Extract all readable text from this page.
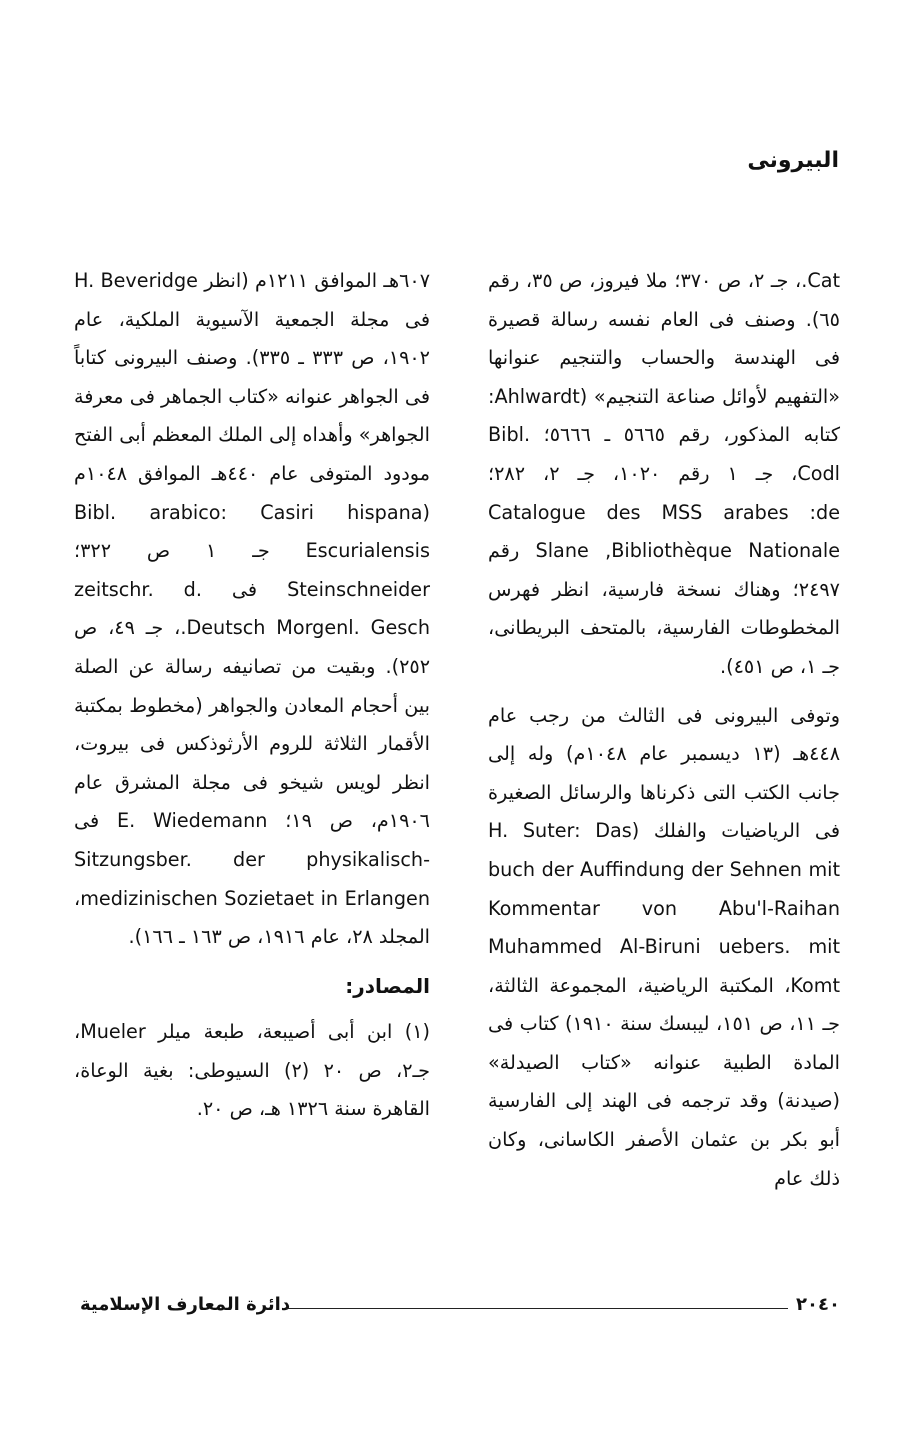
البيرونى

Cat.، جـ ٢، ص ٣٧٠؛ ملا فيروز، ص ٣٥، رقم ٦٥). وصنف فى العام نفسه رسالة قصيرة فى الهندسة والحساب والتنجيم عنوانها «التفهيم لأوائل صناعة التنجيم» (Ahlwardt: كتابه المذكور، رقم ٥٦٦٥ ـ ٥٦٦٦؛ Bibl. Codl، جـ ١ رقم ١٠٢٠، جـ ٢، ٢٨٢؛ Catalogue des MSS arabes :de Slane ,Bibliothèque Nationale رقم ٢٤٩٧؛ وهناك نسخة فارسية، انظر فهرس المخطوطات الفارسية، بالمتحف البريطانى، جـ ١، ص ٤٥١).

وتوفى البيرونى فى الثالث من رجب عام ٤٤٨هـ (١٣ ديسمبر عام ١٠٤٨م) وله إلى جانب الكتب التى ذكرناها والرسائل الصغيرة فى الرياضيات والفلك (H. Suter: Das buch der Auffindung der Sehnen mit Kommentar von Abu'l-Raihan Muhammed Al-Biruni uebers. mit Komt، المكتبة الرياضية، المجموعة الثالثة، جـ ١١، ص ١٥١، ليبسك سنة ١٩١٠) كتاب فى المادة الطبية عنوانه «كتاب الصيدلة» (صيدنة) وقد ترجمه فى الهند إلى الفارسية أبو بكر بن عثمان الأصفر الكاسانى، وكان ذلك عام

٦٠٧هـ الموافق ١٢١١م (انظر H. Beveridge فى مجلة الجمعية الآسيوية الملكية، عام ١٩٠٢، ص ٣٣٣ ـ ٣٣٥). وصنف البيرونى كتاباً فى الجواهر عنوانه «كتاب الجماهر فى معرفة الجواهر» وأهداه إلى الملك المعظم أبى الفتح مودود المتوفى عام ٤٤٠هـ الموافق ١٠٤٨م (Bibl. arabico: Casiri hispana Escurialensis جـ ١ ص ٣٢٢؛ Steinschneider فى zeitschr. d. Deutsch Morgenl. Gesch.، جـ ٤٩، ص ٢٥٢). وبقيت من تصانيفه رسالة عن الصلة بين أحجام المعادن والجواهر (مخطوط بمكتبة الأقمار الثلاثة للروم الأرثوذكس فى بيروت، انظر لويس شيخو فى مجلة المشرق عام ١٩٠٦م، ص ١٩؛ E. Wiedemann فى Sitzungsber. der physikalisch- medizinischen Sozietaet in Erlangen، المجلد ٢٨، عام ١٩١٦، ص ١٦٣ ـ ١٦٦).

المصادر:

(١) ابن أبى أصيبعة، طبعة ميلر Mueler، جـ٢، ص ٢٠ (٢) السيوطى: بغية الوعاة، القاهرة سنة ١٣٢٦ هـ، ص ٢٠.

دائرة المعارف الإسلامية	٢٠٤٠
